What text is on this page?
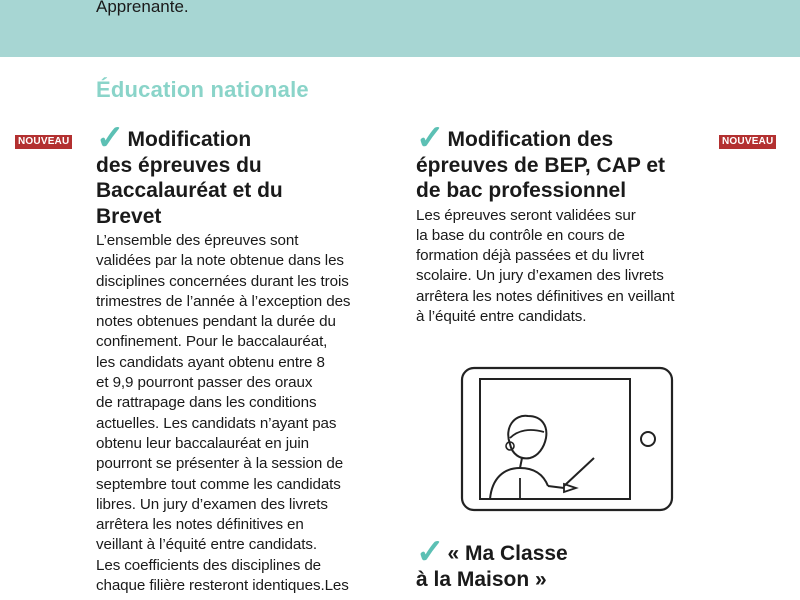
Apprenante.
Éducation nationale
NOUVEAU	NOUVEAU
✓ Modification
des épreuves du
Baccalauréat et du
Brevet

L’ensemble des épreuves sont
validées par la note obtenue dans les
disciplines concernées durant les trois
trimestres de l’année à l’exception des
notes obtenues pendant la durée du
confinement. Pour le baccalauréat,
les candidats ayant obtenu entre 8
et 9,9 pourront passer des oraux
de rattrapage dans les conditions
actuelles. Les candidats n’ayant pas
obtenu leur baccalauréat en juin
pourront se présenter à la session de
septembre tout comme les candidats
libres. Un jury d’examen des livrets
arrêtera les notes définitives en
veillant à l’équité entre candidats.
Les coefficients des disciplines de
chaque filière resteront identiques.Les

✓ Modification des
épreuves de BEP, CAP et
de bac professionnel

Les épreuves seront validées sur
la base du contrôle en cours de
formation déjà passées et du livret
scolaire. Un jury d’examen des livrets
arrêtera les notes définitives en veillant
à l’équité entre candidats.

✓ « Ma Classe
à la Maison »
